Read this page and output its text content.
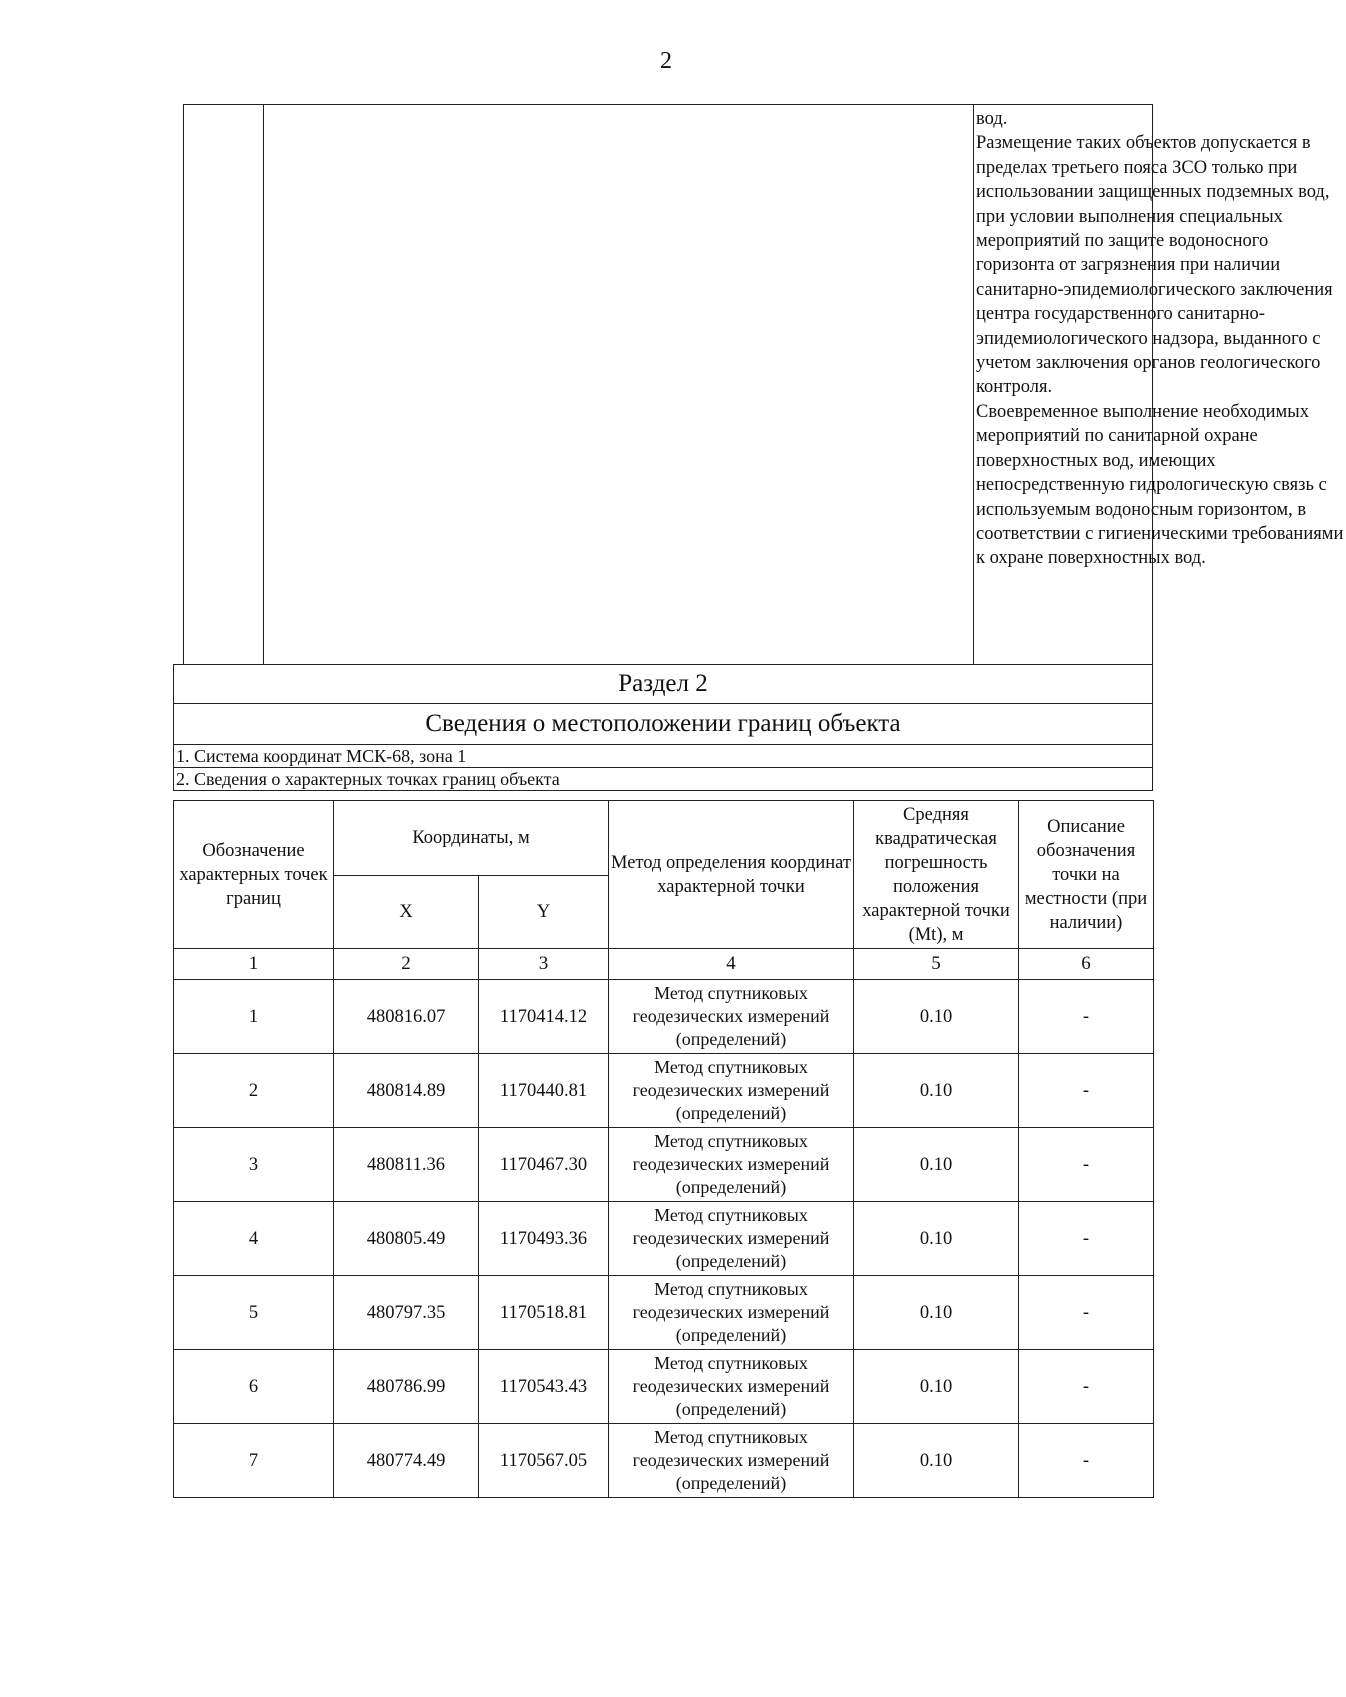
2

вод.

Размещение таких объектов допускается в пределах третьего пояса ЗСО только при использовании защищенных подземных вод, при условии выполнения специальных мероприятий по защите водоносного горизонта от загрязнения при наличии санитарно-эпидемиологического заключения центра государственного санитарно-эпидемиологического надзора, выданного с учетом заключения органов геологического контроля.

Своевременное выполнение необходимых мероприятий по санитарной охране поверхностных вод, имеющих непосредственную гидрологическую связь с используемым водоносным горизонтом, в соответствии с гигиеническими требованиями к охране поверхностных вод.

Раздел 2
Сведения о местоположении границ объекта
1. Система координат МСК-68, зона 1
2. Сведения о характерных точках границ объекта
Обозначение характерных точек границ	Координаты, м		Метод определения координат характерной точки	Средняя квадратическая погрешность положения характерной точки (Mt), м	Описание обозначения точки на местности (при наличии)
	X	Y			
1	2	3	4	5	6
1	480816.07	1170414.12	Метод спутниковых геодезических измерений (определений)	0.10	-
2	480814.89	1170440.81	Метод спутниковых геодезических измерений (определений)	0.10	-
3	480811.36	1170467.30	Метод спутниковых геодезических измерений (определений)	0.10	-
4	480805.49	1170493.36	Метод спутниковых геодезических измерений (определений)	0.10	-
5	480797.35	1170518.81	Метод спутниковых геодезических измерений (определений)	0.10	-
6	480786.99	1170543.43	Метод спутниковых геодезических измерений (определений)	0.10	-
7	480774.49	1170567.05	Метод спутниковых геодезических измерений (определений)	0.10	-
